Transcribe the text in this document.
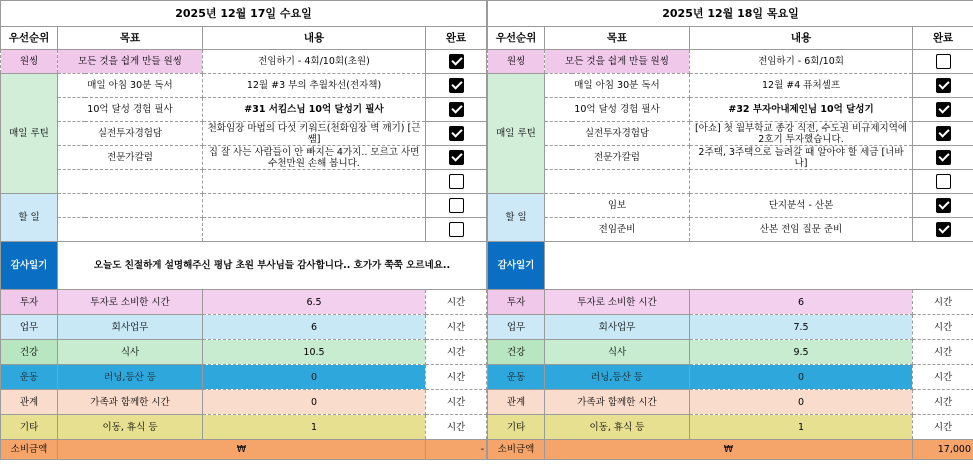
2025년 12월 17일 수요일			
우선순위	목표	내용	완료
원씽	모든 것을 쉽게 만들 원씽	전임하기 - 4회/10회(초원)	
매일 루틴	매일 아침 30분 독서	12월 #3 부의 추월차선(전자책)	
	10억 달성 경험 필사	#31 서킴스님 10억 달성기 필사	
	실전투자경험담	천화임장 마법의 다섯 키워드(천화임장 벽 깨기) [근썜]	
	전문가칼럼	집 잘 사는 사람들이 안 빠지는 4가지.. 모르고 사면 수천만원 손해 봅니다.	

할 일			

감사일기	오늘도 친절하게 설명해주신 평남 초원 부사님들 감사합니다.. 호가가 쭉쭉 오르네요..		
투자	투자로 소비한 시간	6.5	시간
업무	회사업무	6	시간
건강	식사	10.5	시간
운동	러닝,등산 등	0	시간
관계	가족과 함께한 시간	0	시간
기타	이동, 휴식 등	1	시간
소비금액	₩		-
2025년 12월 18일 목요일			
우선순위	목표	내용	완료
원씽	모든 것을 쉽게 만들 원씽	전임하기 - 6회/10회	
매일 루틴	매일 아침 30분 독서	12월 #4 퓨처셀프	
	10억 달성 경험 필사	#32 부자아내제인님 10억 달성기	
	실전투자경험담	[아쇼] 첫 월부학교 종강 직전, 수도권 비규제지역에 2호기 투자했습니다.	
	전문가칼럼	2주택, 3주택으로 늘려갈 때 알아야 할 세금 [너바나]	

할 일	임보	단지분석 - 산본	
	전임준비	산본 전임 질문 준비	
감사일기			
투자	투자로 소비한 시간	6	시간
업무	회사업무	7.5	시간
건강	식사	9.5	시간
운동	러닝,등산 등	0	시간
관계	가족과 함께한 시간	0	시간
기타	이동, 휴식 등	1	시간
소비금액	₩		17,000
